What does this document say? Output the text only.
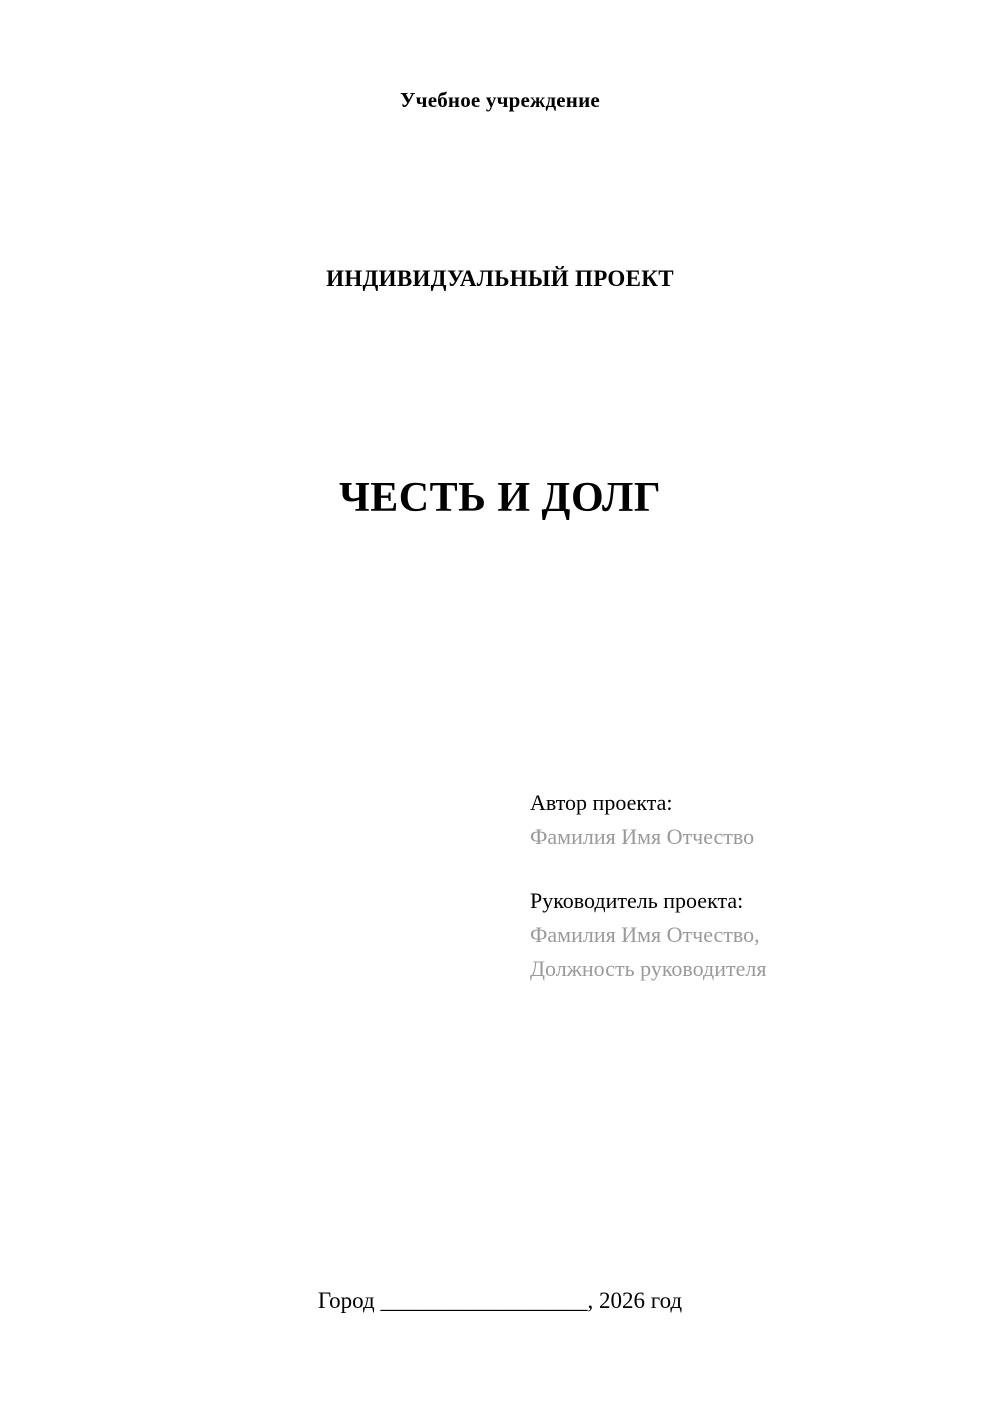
Учебное учреждение
ИНДИВИДУАЛЬНЫЙ ПРОЕКТ
ЧЕСТЬ И ДОЛГ
Автор проекта:
Фамилия Имя Отчество
Руководитель проекта:
Фамилия Имя Отчество,
Должность руководителя
Город __________________, 2026 год
